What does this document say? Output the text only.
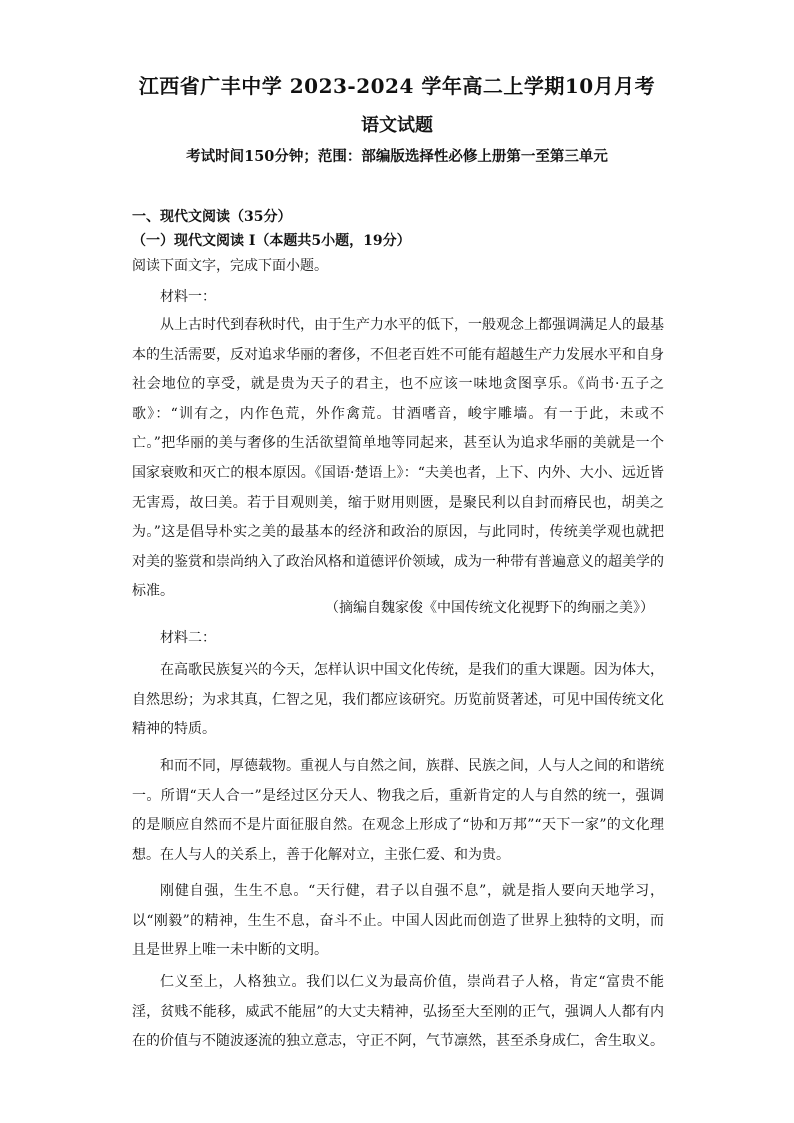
江西省广丰中学 2023-2024 学年高二上学期10月月考
语文试题
考试时间150分钟；范围：部编版选择性必修上册第一至第三单元
一、现代文阅读（35分）
（一）现代文阅读 Ⅰ（本题共5小题，19分）
阅读下面文字，完成下面小题。
材料一：

从上古时代到春秋时代，由于生产力水平的低下，一般观念上都强调满足人的最基本的生活需要，反对追求华丽的奢侈，不但老百姓不可能有超越生产力发展水平和自身社会地位的享受，就是贵为天子的君主，也不应该一味地贪图享乐。《尚书·五子之歌》：“训有之，内作色荒，外作禽荒。甘酒嗜音，峻宇雕墙。有一于此，未或不亡。”把华丽的美与奢侈的生活欲望简单地等同起来，甚至认为追求华丽的美就是一个国家衰败和灭亡的根本原因。《国语·楚语上》：“夫美也者，上下、内外、大小、远近皆无害焉，故曰美。若于目观则美，缩于财用则匮，是聚民利以自封而瘠民也，胡美之为。”这是倡导朴实之美的最基本的经济和政治的原因，与此同时，传统美学观也就把对美的鉴赏和崇尚纳入了政治风格和道德评价领域，成为一种带有普遍意义的超美学的标准。

（摘编自魏家俊《中国传统文化视野下的绚丽之美》）
材料二：

在高歌民族复兴的今天，怎样认识中国文化传统，是我们的重大课题。因为体大，自然思纷；为求其真，仁智之见，我们都应该研究。历览前贤著述，可见中国传统文化精神的特质。

和而不同，厚德载物。重视人与自然之间，族群、民族之间，人与人之间的和谐统一。所谓“天人合一”是经过区分天人、物我之后，重新肯定的人与自然的统一，强调的是顺应自然而不是片面征服自然。在观念上形成了“协和万邦”“天下一家”的文化理想。在人与人的关系上，善于化解对立，主张仁爱、和为贵。

刚健自强，生生不息。“天行健，君子以自强不息”，就是指人要向天地学习，以“刚毅”的精神，生生不息，奋斗不止。中国人因此而创造了世界上独特的文明，而且是世界上唯一未中断的文明。

仁义至上，人格独立。我们以仁义为最高价值，崇尚君子人格，肯定“富贵不能淫，贫贱不能移，威武不能屈”的大丈夫精神，弘扬至大至刚的正气，强调人人都有内在的价值与不随波逐流的独立意志，守正不阿，气节凛然，甚至杀身成仁，舍生取义。
